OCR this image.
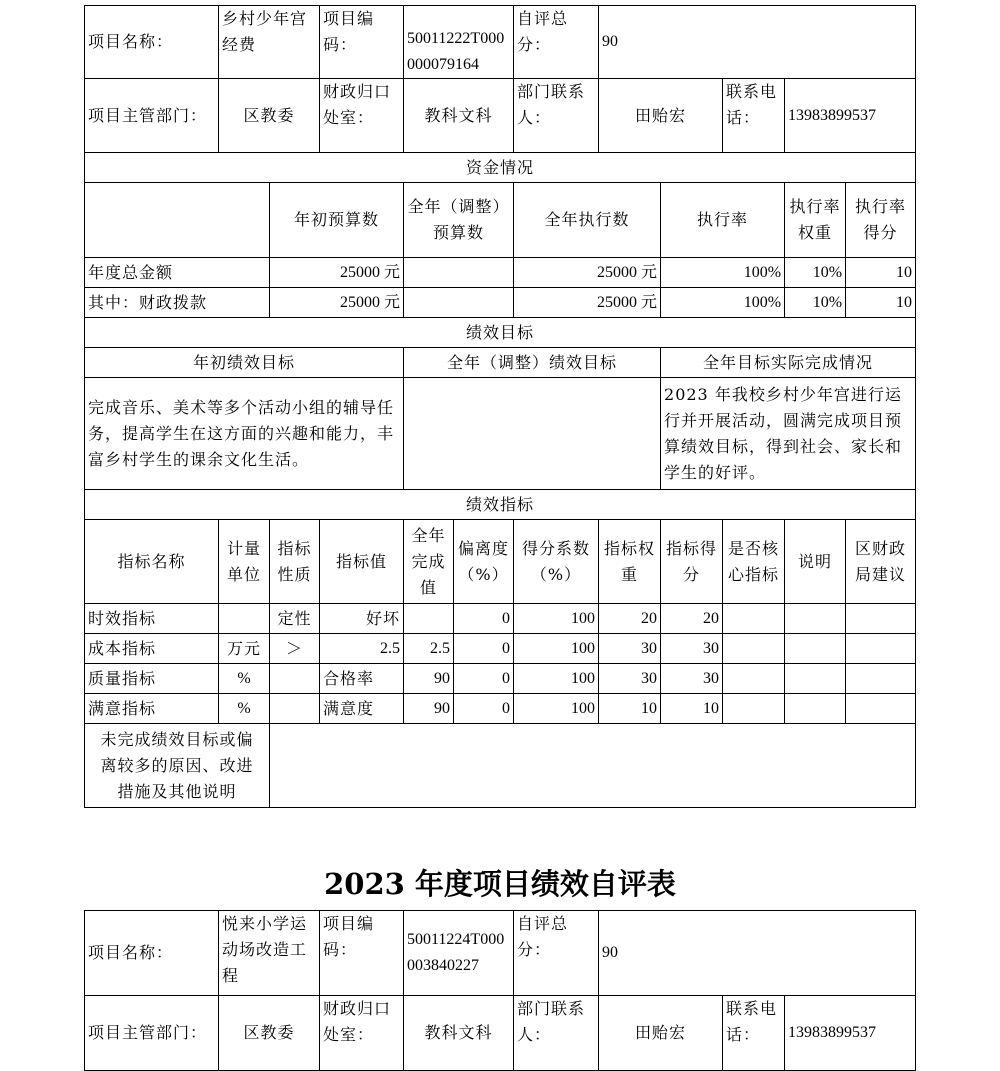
项目名称：	乡村少年宫经费		项目编码：	50011222T000000079164		自评总分：	90				
项目主管部门：	区教委		财政归口处室：	教科文科		部门联系人：	田贻宏		联系电话：	13983899537	
资金情况											
		年初预算数		全年（调整）预算数		全年执行数		执行率		执行率权重	执行率得分
年度总金额		25000 元				25000 元		100%		10%	10
其中：财政拨款		25000 元				25000 元		100%		10%	10
绩效目标											
年初绩效目标				全年（调整）绩效目标				全年目标实际完成情况			
完成音乐、美术等多个活动小组的辅导任务，提高学生在这方面的兴趣和能力，丰富乡村学生的课余文化生活。								2023 年我校乡村少年宫进行运行并开展活动，圆满完成项目预算绩效目标，得到社会、家长和学生的好评。			
绩效指标											
指标名称	计量单位	指标性质	指标值	全年完成值	偏离度（%）	得分系数（%）	指标权重	指标得分	是否核心指标	说明	区财政局建议
时效指标		定性	好坏		0	100	20	20			
成本指标	万元	＞	2.5	2.5	0	100	30	30			
质量指标	%		合格率	90	0	100	30	30			
满意指标	%		满意度	90	0	100	10	10			
未完成绩效目标或偏离较多的原因、改进措施及其他说明											
2023 年度项目绩效自评表
项目名称：	悦来小学运动场改造工程	项目编码：	50011224T000003840227	自评总分：	90		
项目主管部门：	区教委	财政归口处室：	教科文科	部门联系人：	田贻宏	联系电话：	13983899537
